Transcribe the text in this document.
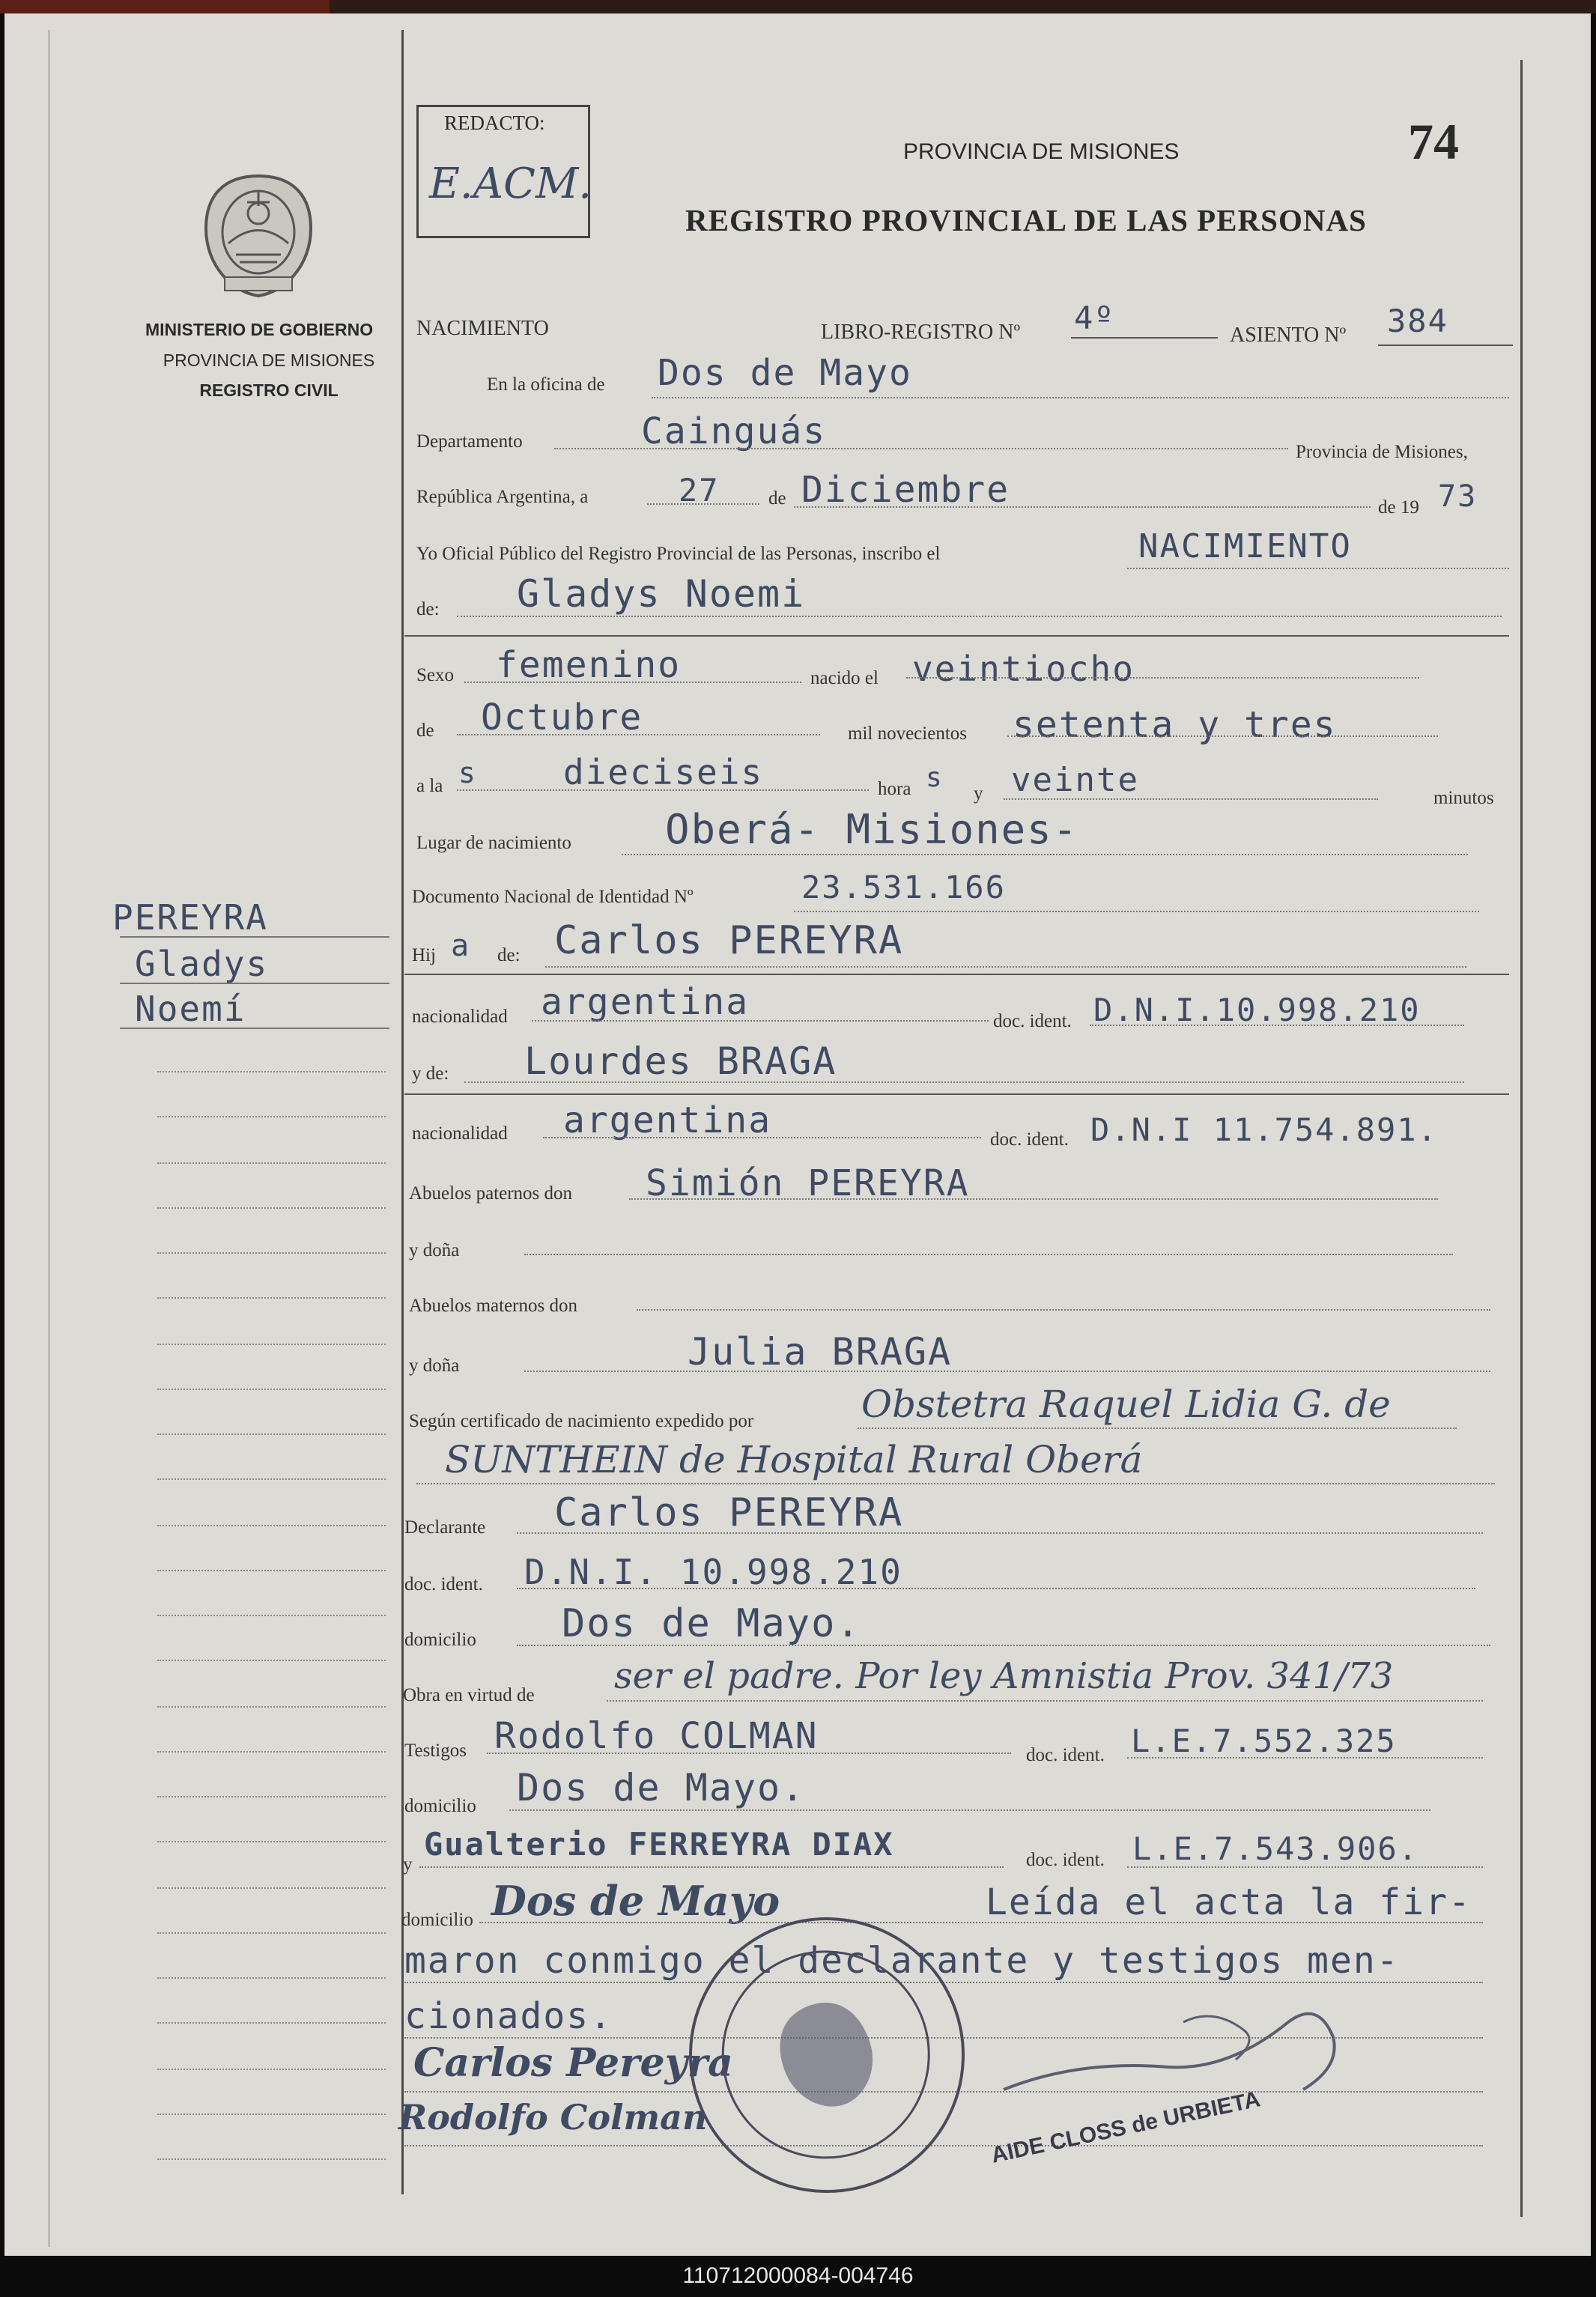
MINISTERIO DE GOBIERNO
PROVINCIA DE MISIONES
REGISTRO CIVIL
PEREYRA
Gladys
Noemí
REDACTO:
E.ACM.
PROVINCIA DE MISIONES
REGISTRO PROVINCIAL DE LAS PERSONAS
74
NACIMIENTO	LIBRO-REGISTRO Nº 4º	ASIENTO Nº 384
En la oficina de Dos de Mayo
Departamento	Cainguás	Provincia de Misiones,
República Argentina, a	27	de Diciembre	de 19 73
Yo Oficial Público del Registro Provincial de las Personas, inscribo el	NACIMIENTO
de: Gladys Noemi
Sexo femenino	nacido el veintiocho
de Octubre	mil novecientos setenta y tres
a la s	dieciseis	hora s
y veinte	minutos
Lugar de nacimiento Oberá- Misiones-
Documento Nacional de Identidad Nº	23.531.166
Hij a de: Carlos PEREYRA
nacionalidad argentina	doc. ident. D.N.I.10.998.210
y de: Lourdes BRAGA
nacionalidad argentina	doc. ident. D.N.I 11.754.891.
Abuelos paternos don Simión PEREYRA
y doña
Abuelos maternos don
y doña	Julia BRAGA
Según certificado de nacimiento expedido por	Obstetra Raquel Lidia G. de
SUNTHEIN de Hospital Rural Oberá
Declarante Carlos PEREYRA
doc. ident. D.N.I. 10.998.210
domicilio Dos de Mayo.
Obra en virtud de ser el padre. Por ley Amnistia Prov. 341/73
Testigos Rodolfo COLMAN	doc. ident. L.E.7.552.325
domicilio Dos de Mayo.
y
Gualterio FERREYRA DIAX	doc. ident. L.E.7.543.906.
domicilio Dos de Mayo	Leída el acta la fir-
maron conmigo el declarante y testigos men-
cionados.
Carlos Pereyra
Rodolfo Colman	AIDE CLOSS de URBIETA
110712000084-004746
